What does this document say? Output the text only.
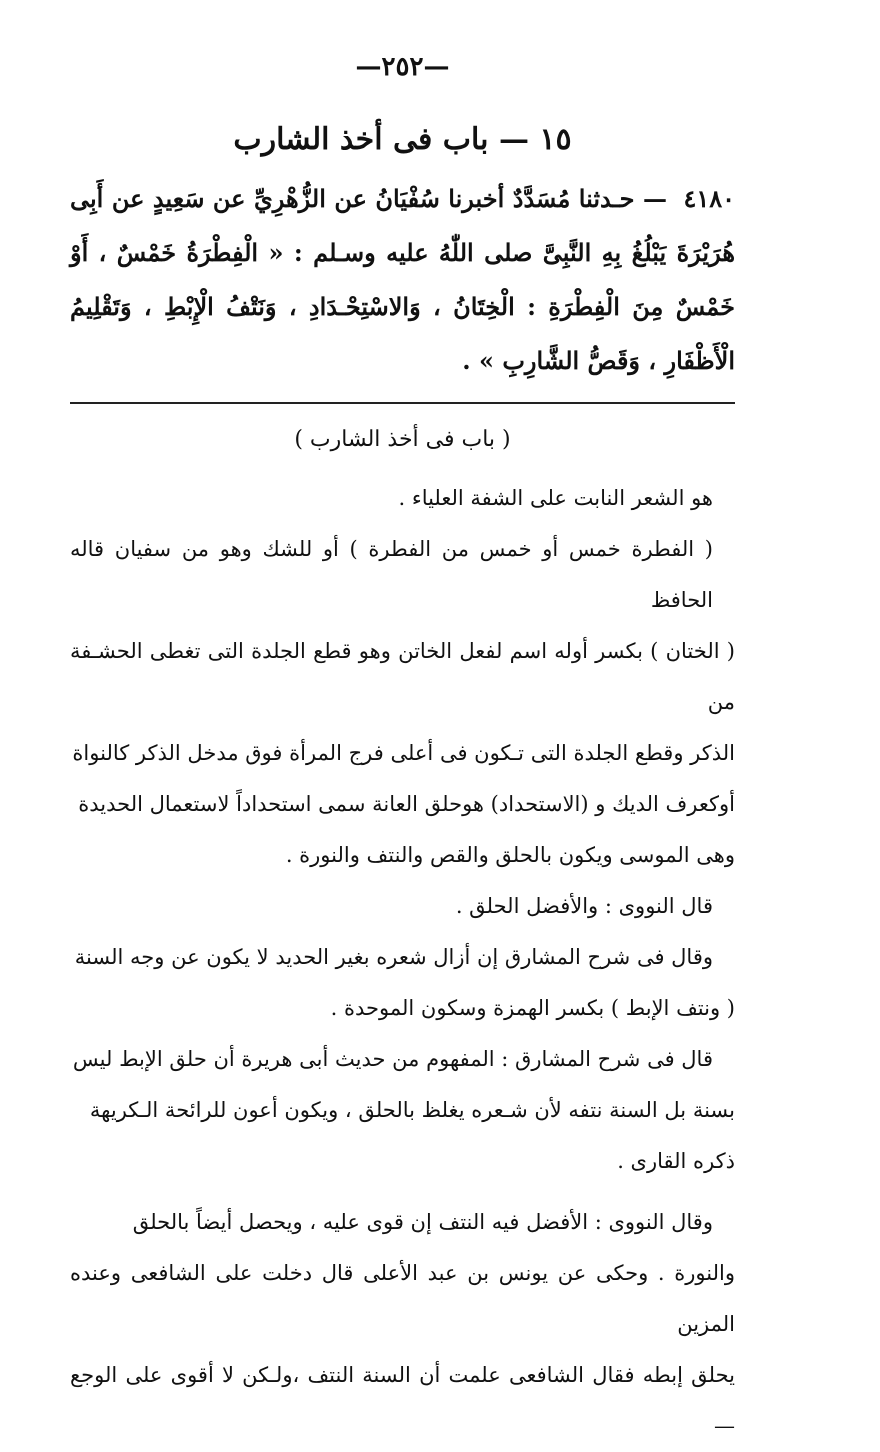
—٢٥٢—
١٥ — باب فى أخذ الشارب
٤١٨٠ — حـدثنا مُسَدَّدٌ أخبرنا سُفْيَانُ عن الزُّهْرِيِّ عن سَعِيدٍ عن أَبِى هُرَيْرَةَ يَبْلُغُ بِهِ النَّبِىَّ صلى اللّٰهُ عليه وسـلم : « الْفِطْرَةُ خَمْسٌ ، أَوْ خَمْسٌ مِنَ الْفِطْرَةِ : الْخِتَانُ ، وَالاسْتِحْـدَادِ ، وَنَتْفُ الْإِبْطِ ، وَتَقْلِيمُ الْأَظْفَارِ ، وَقَصُّ الشَّارِبِ » .

( باب فى أخذ الشارب )

هو الشعر النابت على الشفة العلياء .

( الفطرة خمس أو خمس من الفطرة ) أو للشك وهو من سفيان قاله الحافظ

( الختان ) بكسر أوله اسم لفعل الخاتن وهو قطع الجلدة التى تغطى الحشـفة من

الذكر وقطع الجلدة التى تـكون فى أعلى فرج المرأة فوق مدخل الذكر كالنواة

أوكعرف الديك و (الاستحداد) هوحلق العانة سمى استحداداً لاستعمال الحديدة

وهى الموسى ويكون بالحلق والقص والنتف والنورة .

قال النووى : والأفضل الحلق .

وقال فى شرح المشارق إن أزال شعره بغير الحديد لا يكون عن وجه السنة

( ونتف الإبط ) بكسر الهمزة وسكون الموحدة .

قال فى شرح المشارق : المفهوم من حديث أبى هريرة أن حلق الإبط ليس

بسنة بل السنة نتفه لأن شـعره يغلظ بالحلق ، ويكون أعون للرائحة الـكريهة

ذكره القارى .

وقال النووى : الأفضل فيه النتف إن قوى عليه ، ويحصل أيضاً بالحلق

والنورة . وحكى عن يونس بن عبد الأعلى قال دخلت على الشافعى وعنده المزين

يحلق إبطه فقال الشافعى علمت أن السنة النتف ،ولـكن لا أقوى على الوجع —
